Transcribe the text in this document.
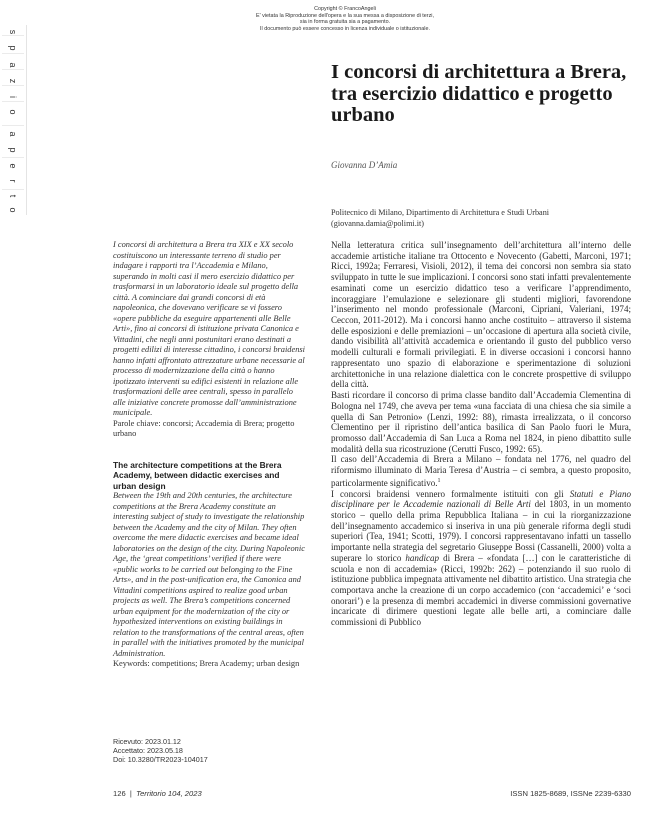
Copyright © FrancoAngeli
E' vietata la Riproduzione dell'opera e la sua messa a disposizione di terzi,
sia in forma gratuita sia a pagamento.
Il documento può essere concesso in licenza individuale o istituzionale.
s
p
a
z
i
o
a
p
e
r
t
o
I concorsi di architettura a Brera, tra esercizio didattico e progetto urbano
Giovanna D’Amia
Politecnico di Milano, Dipartimento di Architettura e Studi Urbani
(giovanna.damia@polimi.it)

I concorsi di architettura a Brera tra XIX e XX secolo costituiscono un interessante terreno di studio per indagare i rapporti tra l’Accademia e Milano, superando in molti casi il mero esercizio didattico per trasformarsi in un laboratorio ideale sul progetto della città. A cominciare dai grandi concorsi di età napoleonica, che dovevano verificare se vi fossero «opere pubbliche da eseguire appartenenti alle Belle Arti», fino ai concorsi di istituzione privata Canonica e Vittadini, che negli anni postunitari erano destinati a progetti edilizi di interesse cittadino, i concorsi braidensi hanno infatti affrontato attrezzature urbane necessarie al processo di modernizzazione della città o hanno ipotizzato interventi su edifici esistenti in relazione alle trasformazioni delle aree centrali, spesso in parallelo alle iniziative concrete promosse dall’amministrazione municipale.

Parole chiave: concorsi; Accademia di Brera; progetto urbano

The architecture competitions at the Brera Academy, between didactic exercises and urban design

Between the 19th and 20th centuries, the architecture competitions at the Brera Academy constitute an interesting subject of study to investigate the relationship between the Academy and the city of Milan. They often overcome the mere didactic exercises and became ideal laboratories on the design of the city. During Napoleonic Age, the ‘great competitions’ verified if there were «public works to be carried out belonging to the Fine Arts», and in the post-unification era, the Canonica and Vittadini competitions aspired to realize good urban projects as well. The Brera’s competitions concerned urban equipment for the modernization of the city or hypothesized interventions on existing buildings in relation to the transformations of the central areas, often in parallel with the initiatives promoted by the municipal Administration.

Keywords: competitions; Brera Academy; urban design

Ricevuto: 2023.01.12
Accettato: 2023.05.18
Doi: 10.3280/TR2023-104017

Nella letteratura critica sull’insegnamento dell’architettura all’interno delle accademie artistiche italiane tra Ottocento e Novecento (Gabetti, Marconi, 1971; Ricci, 1992a; Ferraresi, Visioli, 2012), il tema dei concorsi non sembra sia stato sviluppato in tutte le sue implicazioni. I concorsi sono stati infatti prevalentemente esaminati come un esercizio didattico teso a verificare l’apprendimento, incoraggiare l’emulazione e selezionare gli studenti migliori, favorendone l’inserimento nel mondo professionale (Marconi, Cipriani, Valeriani, 1974; Ceccon, 2011-2012). Ma i concorsi hanno anche costituito – attraverso il sistema delle esposizioni e delle premiazioni – un’occasione di apertura alla società civile, dando visibilità all’attività accademica e orientando il gusto del pubblico verso modelli culturali e formali privilegiati. E in diverse occasioni i concorsi hanno rappresentato uno spazio di elaborazione e sperimentazione di soluzioni architettoniche in una relazione dialettica con le concrete prospettive di sviluppo della città.

Basti ricordare il concorso di prima classe bandito dall’Accademia Clementina di Bologna nel 1749, che aveva per tema «una facciata di una chiesa che sia simile a quella di San Petronio» (Lenzi, 1992: 88), rimasta irrealizzata, o il concorso Clementino per il ripristino dell’antica basilica di San Paolo fuori le Mura, promosso dall’Accademia di San Luca a Roma nel 1824, in pieno dibattito sulle modalità della sua ricostruzione (Cerutti Fusco, 1992: 65).

Il caso dell’Accademia di Brera a Milano – fondata nel 1776, nel quadro del riformismo illuminato di Maria Teresa d’Austria – ci sembra, a questo proposito, particolarmente significativo.$^1$

I concorsi braidensi vennero formalmente istituiti con gli Statuti e Piano disciplinare per le Accademie nazionali di Belle Arti del 1803, in un momento storico – quello della prima Repubblica Italiana – in cui la riorganizzazione dell’insegnamento accademico si inseriva in una più generale riforma degli studi superiori (Tea, 1941; Scotti, 1979). I concorsi rappresentavano infatti un tassello importante nella strategia del segretario Giuseppe Bossi (Cassanelli, 2000) volta a superare lo storico handicap di Brera – «fondata […] con le caratteristiche di scuola e non di accademia» (Ricci, 1992b: 262) – potenziando il suo ruolo di istituzione pubblica impegnata attivamente nel dibattito artistico. Una strategia che comportava anche la creazione di un corpo accademico (con ‘accademici’ e ‘soci onorari’) e la presenza di membri accademici in diverse commissioni governative incaricate di dirimere questioni legate alle belle arti, a cominciare dalle commissioni di Pubblico

126 | Territorio 104, 2023	ISSN 1825-8689, ISSNe 2239-6330
